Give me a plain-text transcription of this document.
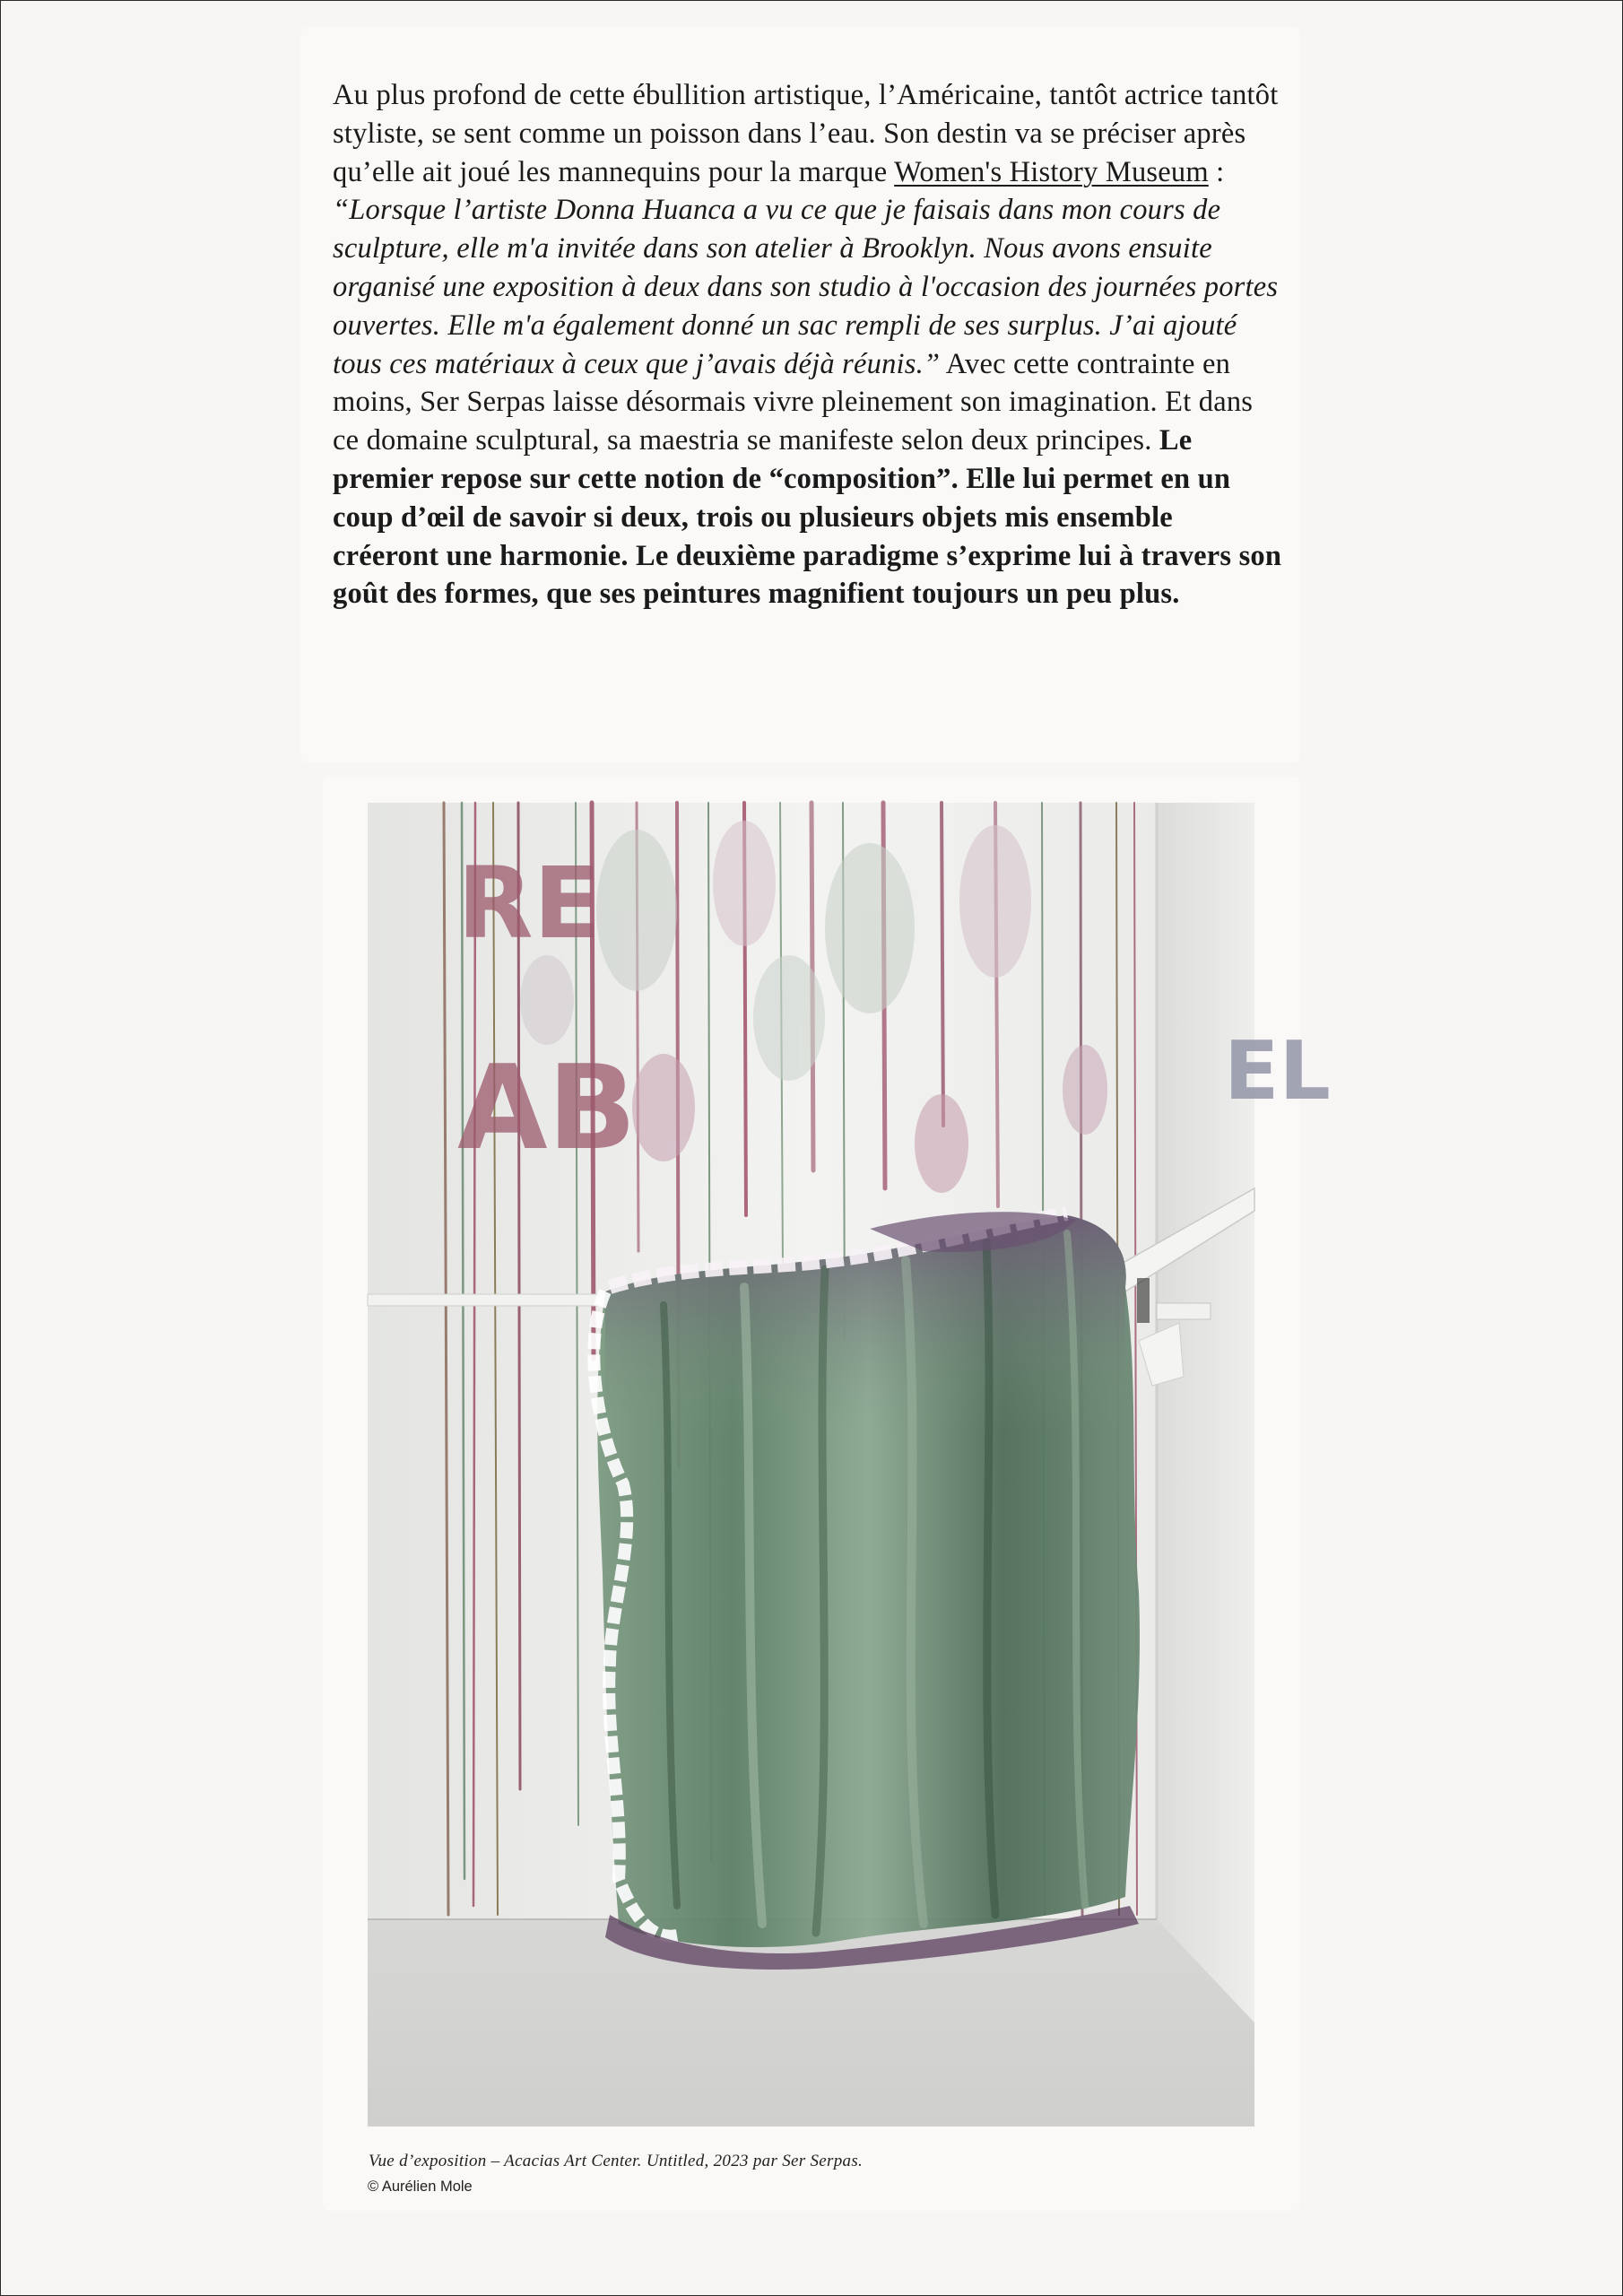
Au plus profond de cette ébullition artistique, l’Américaine, tantôt actrice tantôt styliste, se sent comme un poisson dans l’eau. Son destin va se préciser après qu’elle ait joué les mannequins pour la marque Women's History Museum : “Lorsque l’artiste Donna Huanca a vu ce que je faisais dans mon cours de sculpture, elle m'a invitée dans son atelier à Brooklyn. Nous avons ensuite organisé une exposition à deux dans son studio à l'occasion des journées portes ouvertes. Elle m'a également donné un sac rempli de ses surplus. J’ai ajouté tous ces matériaux à ceux que j’avais déjà réunis.” Avec cette contrainte en moins, Ser Serpas laisse désormais vivre pleinement son imagination. Et dans ce domaine sculptural, sa maestria se manifeste selon deux principes. Le premier repose sur cette notion de “composition”. Elle lui permet en un coup d’œil de savoir si deux, trois ou plusieurs objets mis ensemble créeront une harmonie. Le deuxième paradigme s’exprime lui à travers son goût des formes, que ses peintures magnifient toujours un peu plus.

RE
AB	EL

Vue d’exposition – Acacias Art Center. Untitled, 2023 par Ser Serpas.

© Aurélien Mole
